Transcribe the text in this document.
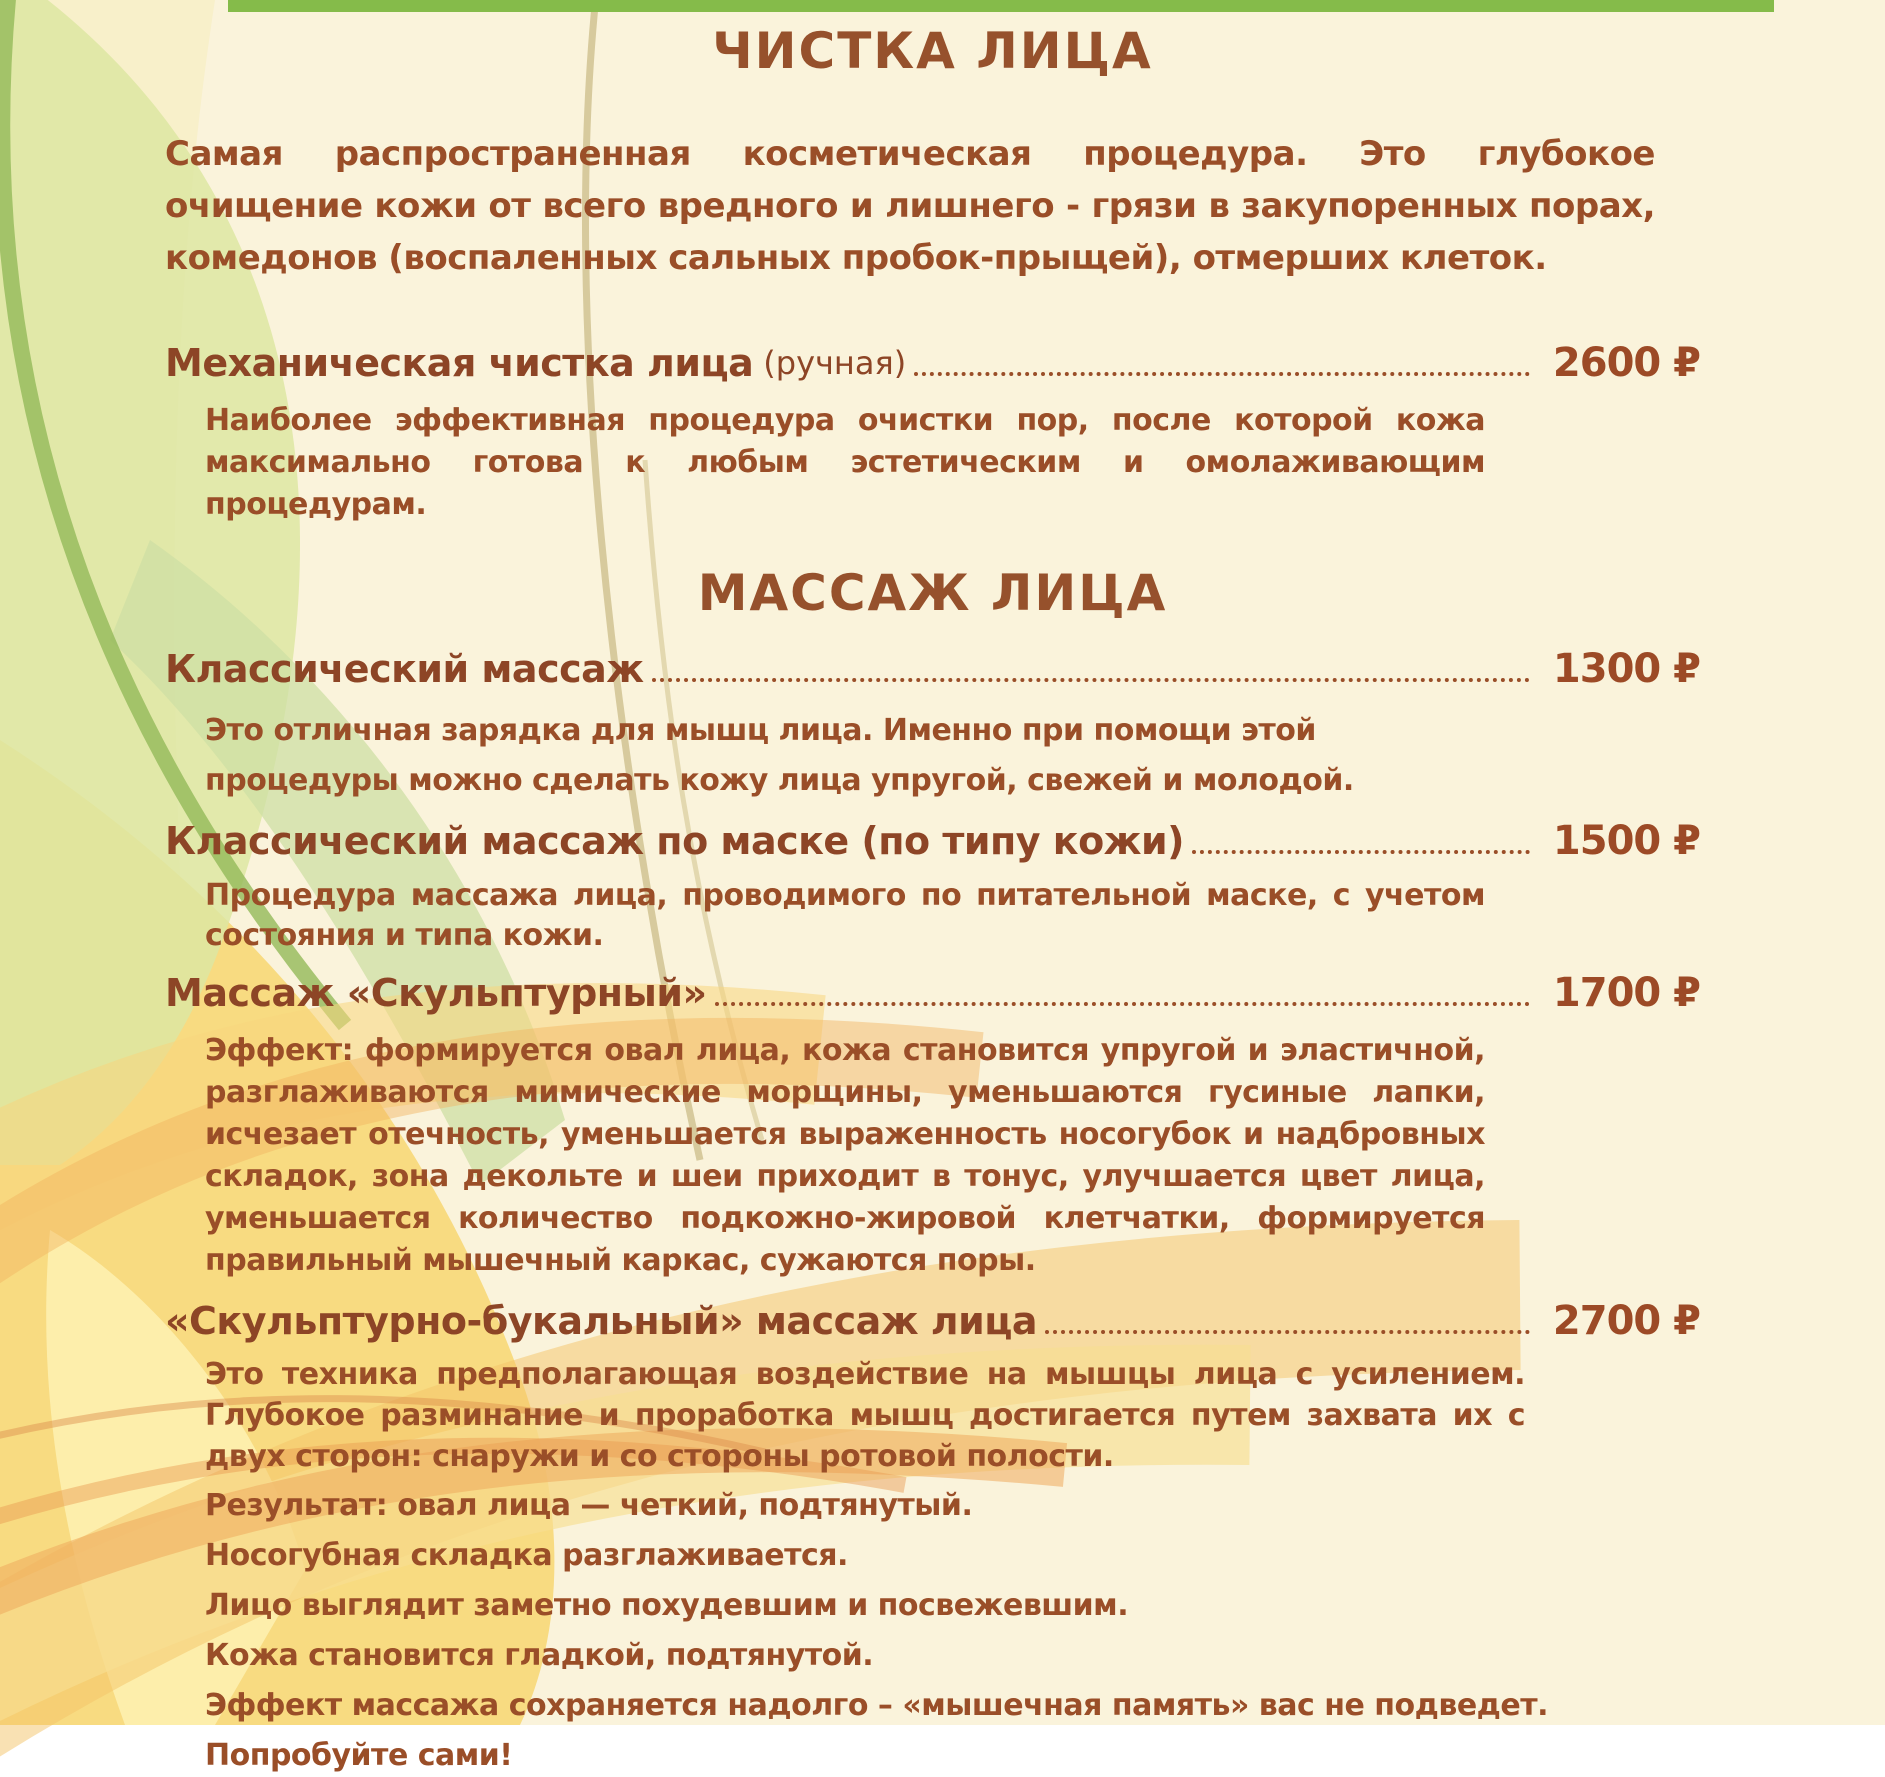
ЧИСТКА ЛИЦА

Самая распространенная косметическая процедура. Это глубокое очищение кожи от всего вредного и лишнего - грязи в закупоренных порах, комедонов (воспаленных сальных пробок-прыщей), отмерших клеток.

Механическая чистка лица (ручная)	2600 ₽

Наиболее эффективная процедура очистки пор, после которой кожа максимально готова к любым эстетическим и омолаживающим процедурам.

МАССАЖ ЛИЦА
Классический массаж	1300 ₽

Это отличная зарядка для мышц лица. Именно при помощи этой процедуры можно сделать кожу лица упругой, свежей и молодой.

Классический массаж по маске (по типу кожи)	1500 ₽

Процедура массажа лица, проводимого по питательной маске, с учетом состояния и типа кожи.

Массаж «Скульптурный»	1700 ₽

Эффект: формируется овал лица, кожа становится упругой и эластичной, разглаживаются мимические морщины, уменьшаются гусиные лапки, исчезает отечность, уменьшается выраженность носогубок и надбровных складок, зона декольте и шеи приходит в тонус, улучшается цвет лица, уменьшается количество подкожно-жировой клетчатки, формируется правильный мышечный каркас, сужаются поры.

«Скульптурно-букальный» массаж лица	2700 ₽

Это техника предполагающая воздействие на мышцы лица с усилением. Глубокое разминание и проработка мышц достигается путем захвата их с двух сторон: снаружи и со стороны ротовой полости.

Результат: овал лица — четкий, подтянутый.

Носогубная складка разглаживается.

Лицо выглядит заметно похудевшим и посвежевшим.

Кожа становится гладкой, подтянутой.

Эффект массажа сохраняется надолго – «мышечная память» вас не подведет.

Попробуйте сами!
